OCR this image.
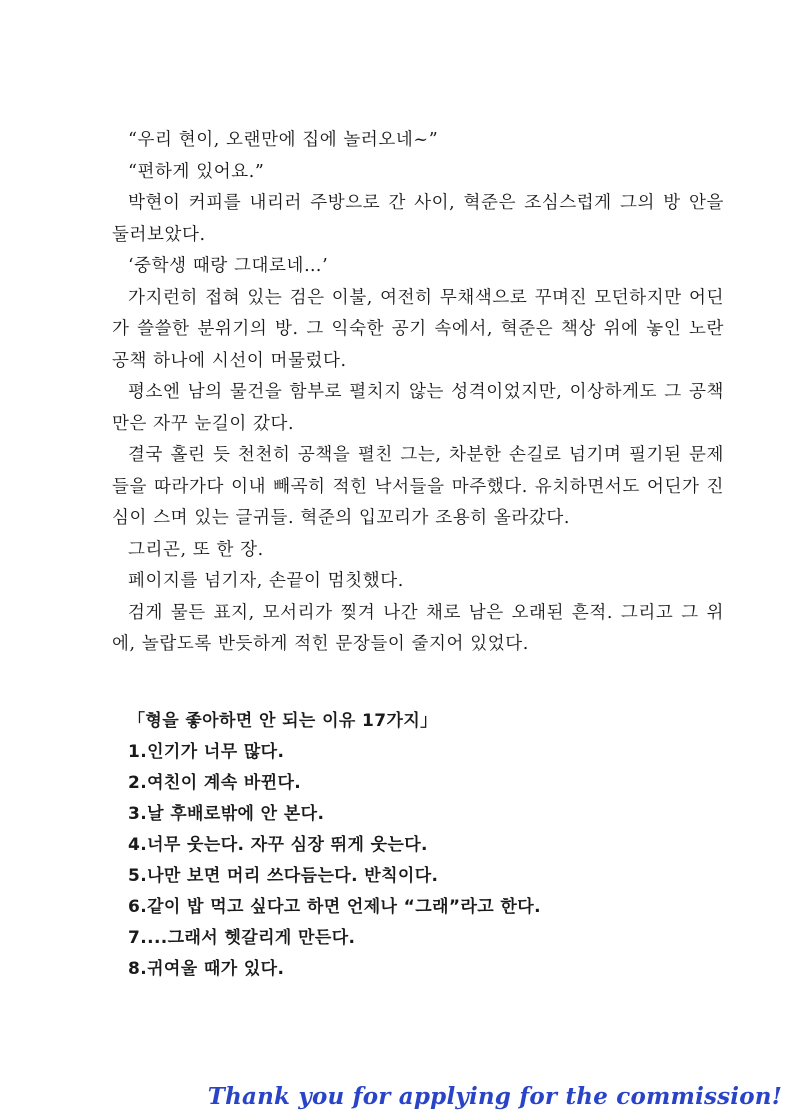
“우리 현이, 오랜만에 집에 놀러오네~”

“편하게 있어요.”

박현이 커피를 내리러 주방으로 간 사이, 혁준은 조심스럽게 그의 방 안을 둘러보았다.

‘중학생 때랑 그대로네…’

가지런히 접혀 있는 검은 이불, 여전히 무채색으로 꾸며진 모던하지만 어딘가 쓸쓸한 분위기의 방. 그 익숙한 공기 속에서, 혁준은 책상 위에 놓인 노란 공책 하나에 시선이 머물렀다.

평소엔 남의 물건을 함부로 펼치지 않는 성격이었지만, 이상하게도 그 공책만은 자꾸 눈길이 갔다.

결국 홀린 듯 천천히 공책을 펼친 그는, 차분한 손길로 넘기며 필기된 문제들을 따라가다 이내 빼곡히 적힌 낙서들을 마주했다. 유치하면서도 어딘가 진심이 스며 있는 글귀들. 혁준의 입꼬리가 조용히 올라갔다.

그리곤, 또 한 장.

페이지를 넘기자, 손끝이 멈칫했다.

검게 물든 표지, 모서리가 찢겨 나간 채로 남은 오래된 흔적. 그리고 그 위에, 놀랍도록 반듯하게 적힌 문장들이 줄지어 있었다.

「형을 좋아하면 안 되는 이유 17가지」

1.인기가 너무 많다.
2.여친이 계속 바뀐다.
3.날 후배로밖에 안 본다.
4.너무 웃는다. 자꾸 심장 뛰게 웃는다.
5.나만 보면 머리 쓰다듬는다. 반칙이다.
6.같이 밥 먹고 싶다고 하면 언제나 “그래”라고 한다.
7....그래서 헷갈리게 만든다.
8.귀여울 때가 있다.
Thank you for applying for the commission!
